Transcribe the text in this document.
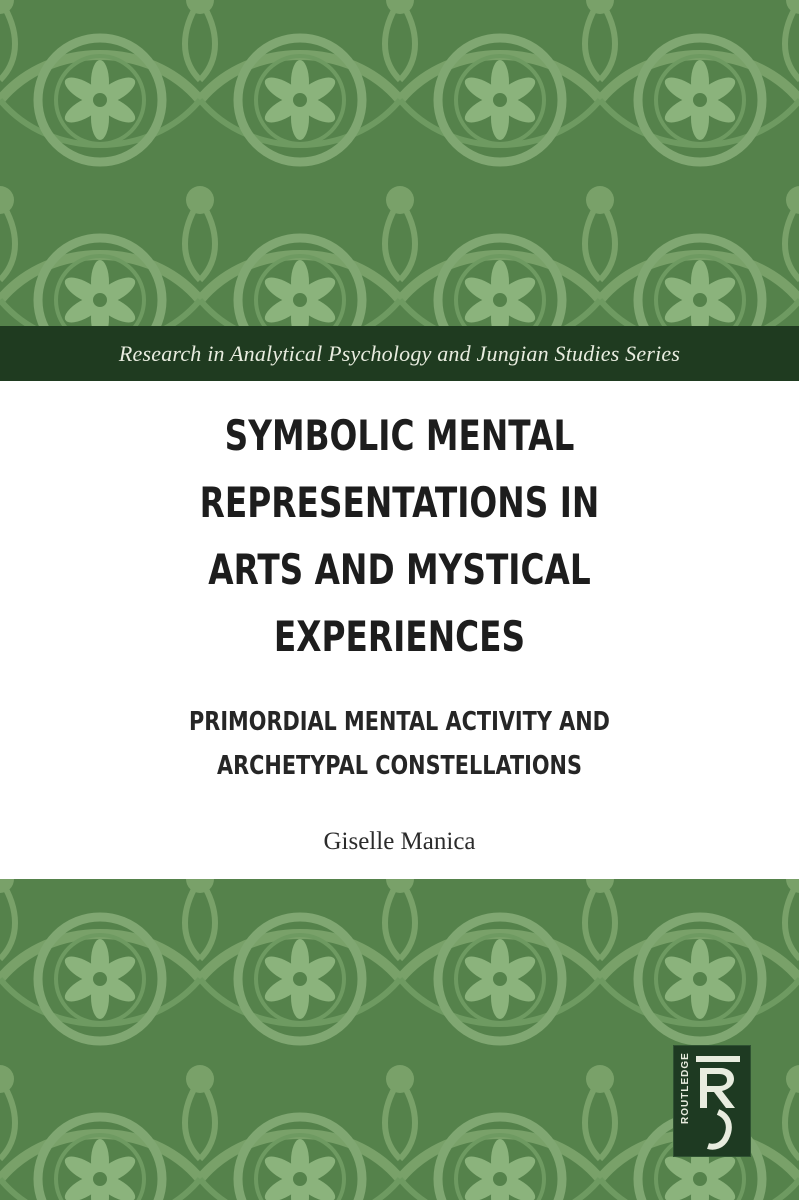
Research in Analytical Psychology and Jungian Studies Series
SYMBOLIC MENTAL
REPRESENTATIONS IN
ARTS AND MYSTICAL
EXPERIENCES
PRIMORDIAL MENTAL ACTIVITY AND
ARCHETYPAL CONSTELLATIONS
Giselle Manica
ROUTLEDGE
